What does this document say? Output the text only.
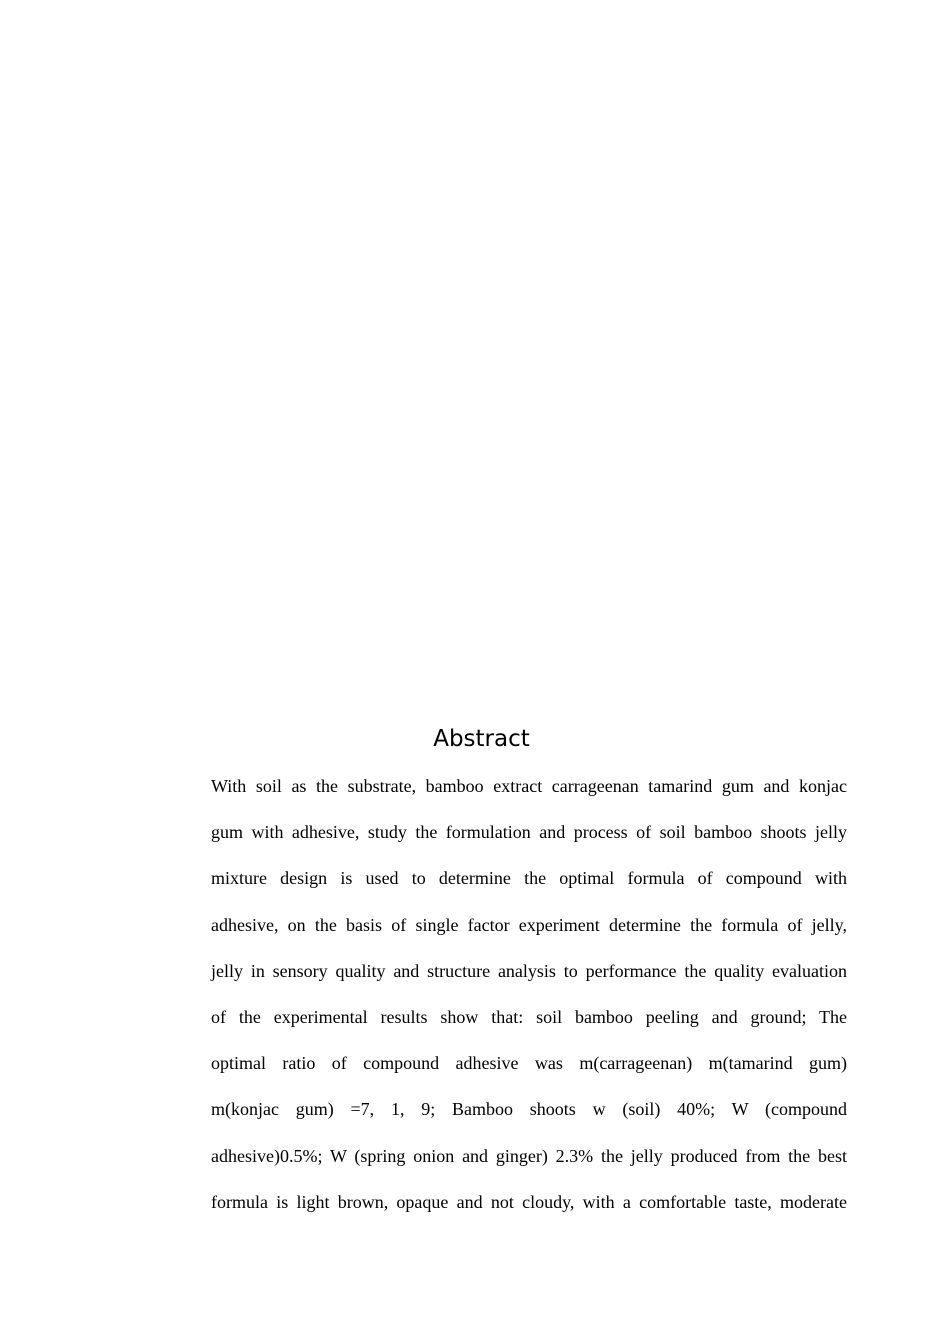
Abstract
With soil as the substrate, bamboo extract carrageenan tamarind gum and konjac
gum with adhesive, study the formulation and process of soil bamboo shoots jelly
mixture design is used to determine the optimal formula of compound with
adhesive, on the basis of single factor experiment determine the formula of jelly,
jelly in sensory quality and structure analysis to performance the quality evaluation
of the experimental results show that: soil bamboo peeling and ground; The
optimal ratio of compound adhesive was m(carrageenan) m(tamarind gum)
m(konjac gum) =7, 1, 9; Bamboo shoots w (soil) 40%; W (compound
adhesive)0.5%; W (spring onion and ginger) 2.3% the jelly produced from the best
formula is light brown, opaque and not cloudy, with a comfortable taste, moderate
